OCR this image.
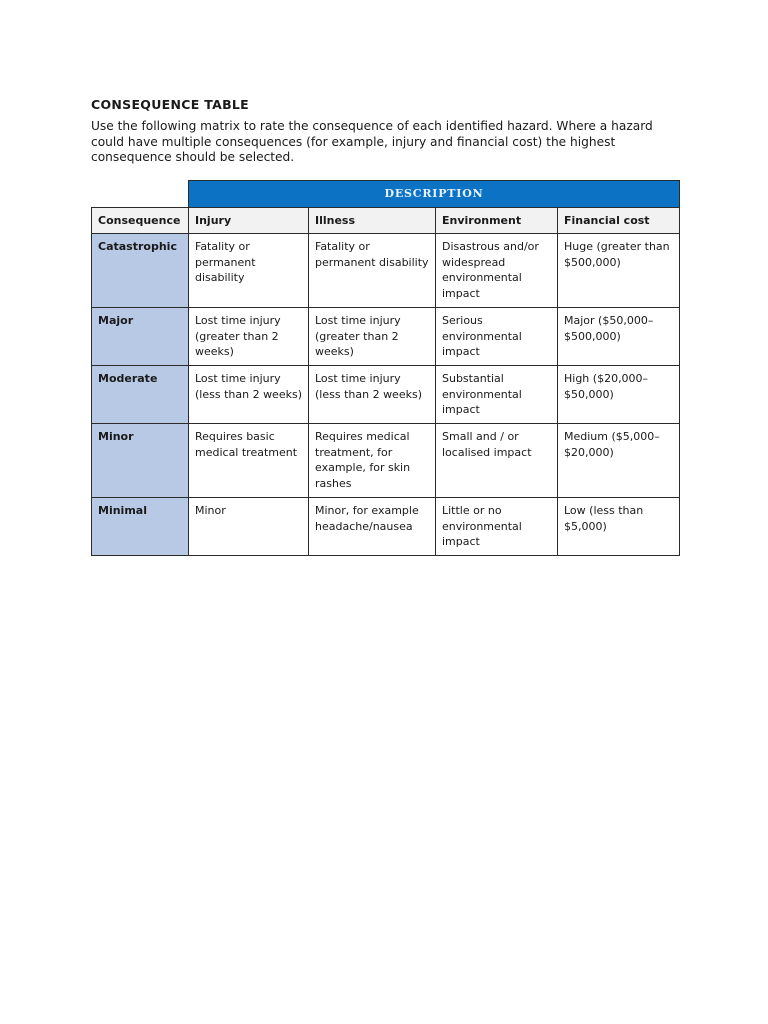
CONSEQUENCE TABLE

Use the following matrix to rate the consequence of each identified hazard. Where a hazard could have multiple consequences (for example, injury and financial cost) the highest consequence should be selected.

	DESCRIPTION			
Consequence	Injury	Illness	Environment	Financial cost
Catastrophic	Fatality or permanent disability	Fatality or permanent disability	Disastrous and/or widespread environmental impact	Huge (greater than $500,000)
Major	Lost time injury (greater than 2 weeks)	Lost time injury (greater than 2 weeks)	Serious environmental impact	Major ($50,000–$500,000)
Moderate	Lost time injury (less than 2 weeks)	Lost time injury (less than 2 weeks)	Substantial environmental impact	High ($20,000–$50,000)
Minor	Requires basic medical treatment	Requires medical treatment, for example, for skin rashes	Small and / or localised impact	Medium ($5,000–$20,000)
Minimal	Minor	Minor, for example headache/nausea	Little or no environmental impact	Low (less than $5,000)
